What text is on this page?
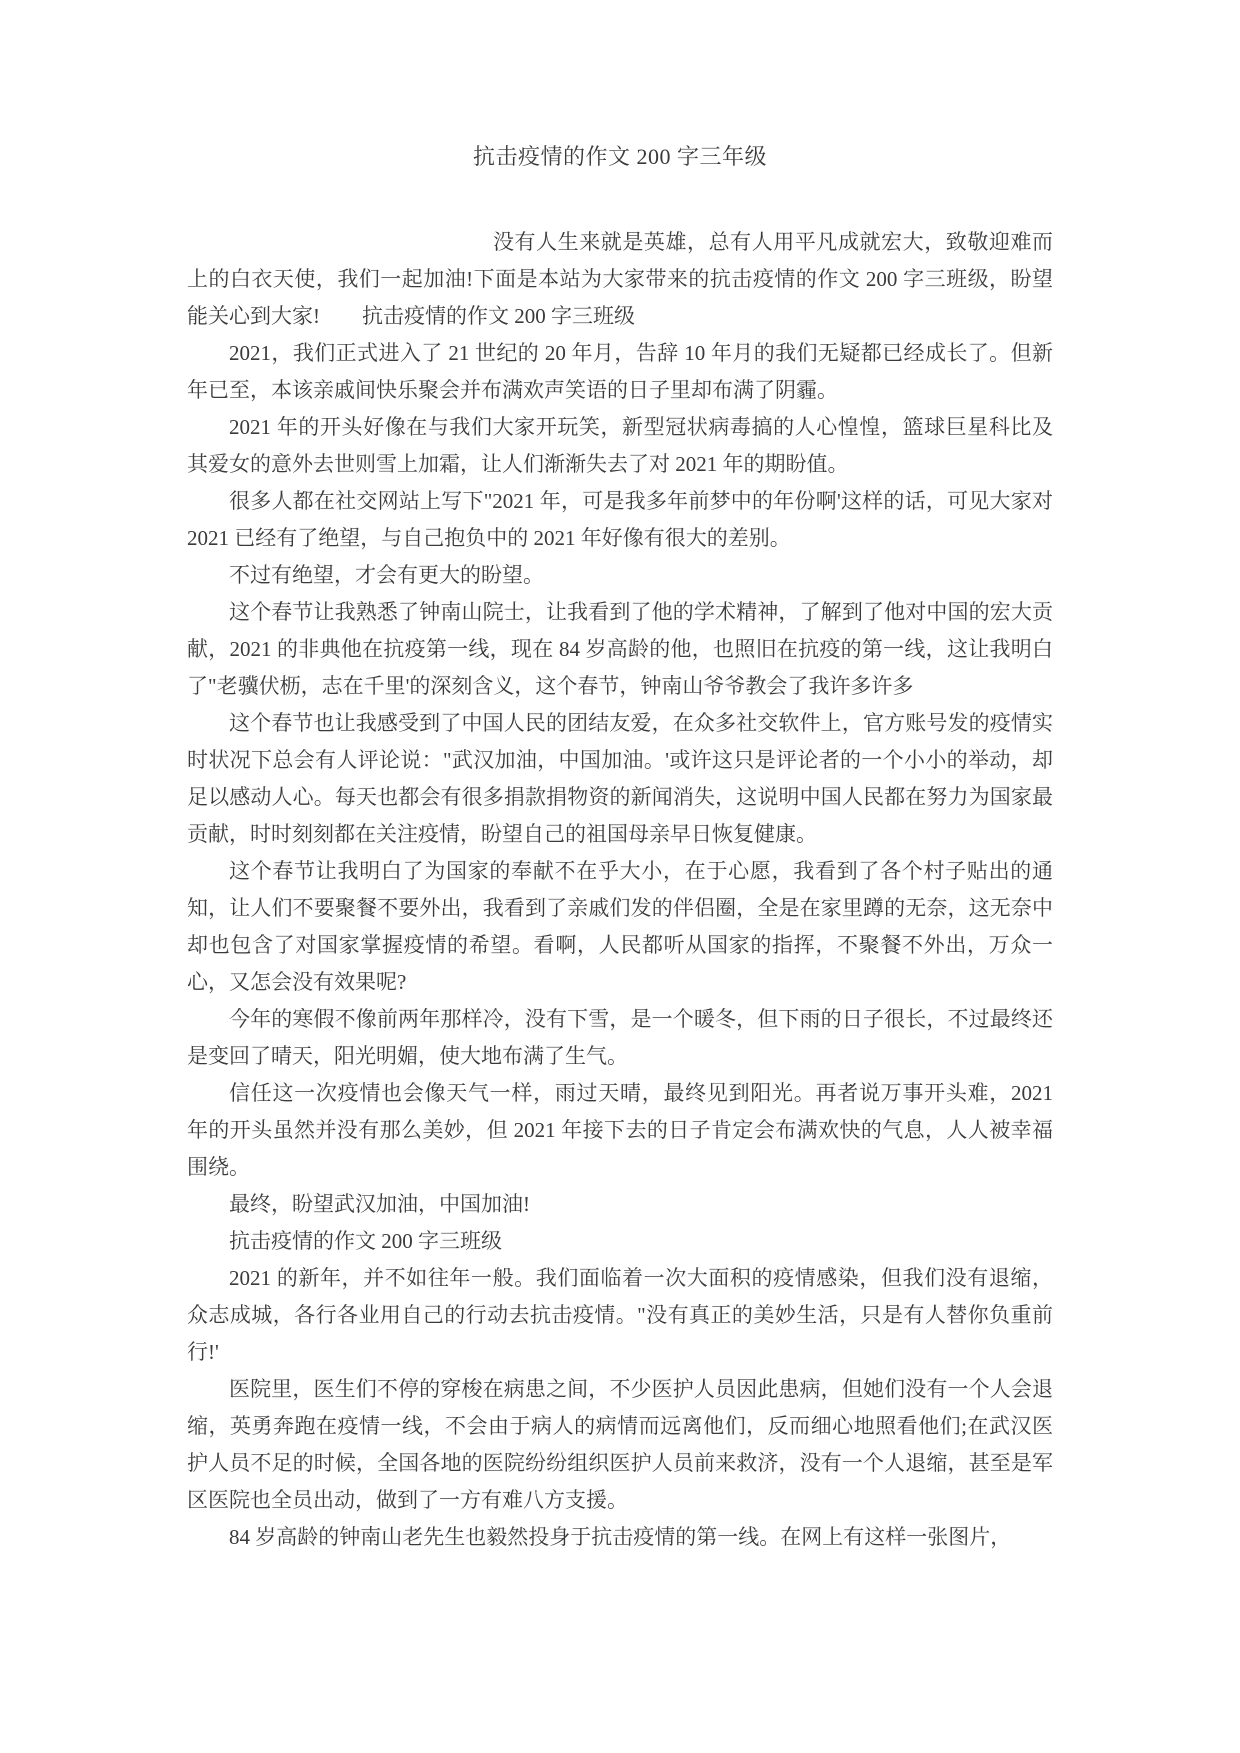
抗击疫情的作文 200 字三年级

没有人生来就是英雄，总有人用平凡成就宏大，致敬迎难而上的白衣天使，我们一起加油!下面是本站为大家带来的抗击疫情的作文 200 字三班级，盼望能关心到大家!　　抗击疫情的作文 200 字三班级

2021，我们正式进入了 21 世纪的 20 年月，告辞 10 年月的我们无疑都已经成长了。但新年已至，本该亲戚间快乐聚会并布满欢声笑语的日子里却布满了阴霾。

2021 年的开头好像在与我们大家开玩笑，新型冠状病毒搞的人心惶惶，篮球巨星科比及其爱女的意外去世则雪上加霜，让人们渐渐失去了对 2021 年的期盼值。

很多人都在社交网站上写下"2021 年，可是我多年前梦中的年份啊'这样的话，可见大家对 2021 已经有了绝望，与自己抱负中的 2021 年好像有很大的差别。

不过有绝望，才会有更大的盼望。

这个春节让我熟悉了钟南山院士，让我看到了他的学术精神，了解到了他对中国的宏大贡献，2021 的非典他在抗疫第一线，现在 84 岁高龄的他，也照旧在抗疫的第一线，这让我明白了"老骥伏枥，志在千里'的深刻含义，这个春节，钟南山爷爷教会了我许多许多

这个春节也让我感受到了中国人民的团结友爱，在众多社交软件上，官方账号发的疫情实时状况下总会有人评论说："武汉加油，中国加油。'或许这只是评论者的一个小小的举动，却足以感动人心。每天也都会有很多捐款捐物资的新闻消失，这说明中国人民都在努力为国家最贡献，时时刻刻都在关注疫情，盼望自己的祖国母亲早日恢复健康。

这个春节让我明白了为国家的奉献不在乎大小，在于心愿，我看到了各个村子贴出的通知，让人们不要聚餐不要外出，我看到了亲戚们发的伴侣圈，全是在家里蹲的无奈，这无奈中却也包含了对国家掌握疫情的希望。看啊，人民都听从国家的指挥，不聚餐不外出，万众一心，又怎会没有效果呢?

今年的寒假不像前两年那样冷，没有下雪，是一个暖冬，但下雨的日子很长，不过最终还是变回了晴天，阳光明媚，使大地布满了生气。

信任这一次疫情也会像天气一样，雨过天晴，最终见到阳光。再者说万事开头难，2021 年的开头虽然并没有那么美妙，但 2021 年接下去的日子肯定会布满欢快的气息，人人被幸福围绕。

最终，盼望武汉加油，中国加油!

抗击疫情的作文 200 字三班级

2021 的新年，并不如往年一般。我们面临着一次大面积的疫情感染，但我们没有退缩，众志成城，各行各业用自己的行动去抗击疫情。"没有真正的美妙生活，只是有人替你负重前行!'

医院里，医生们不停的穿梭在病患之间，不少医护人员因此患病，但她们没有一个人会退缩，英勇奔跑在疫情一线，不会由于病人的病情而远离他们，反而细心地照看他们;在武汉医护人员不足的时候，全国各地的医院纷纷组织医护人员前来救济，没有一个人退缩，甚至是军区医院也全员出动，做到了一方有难八方支援。

84 岁高龄的钟南山老先生也毅然投身于抗击疫情的第一线。在网上有这样一张图片，
